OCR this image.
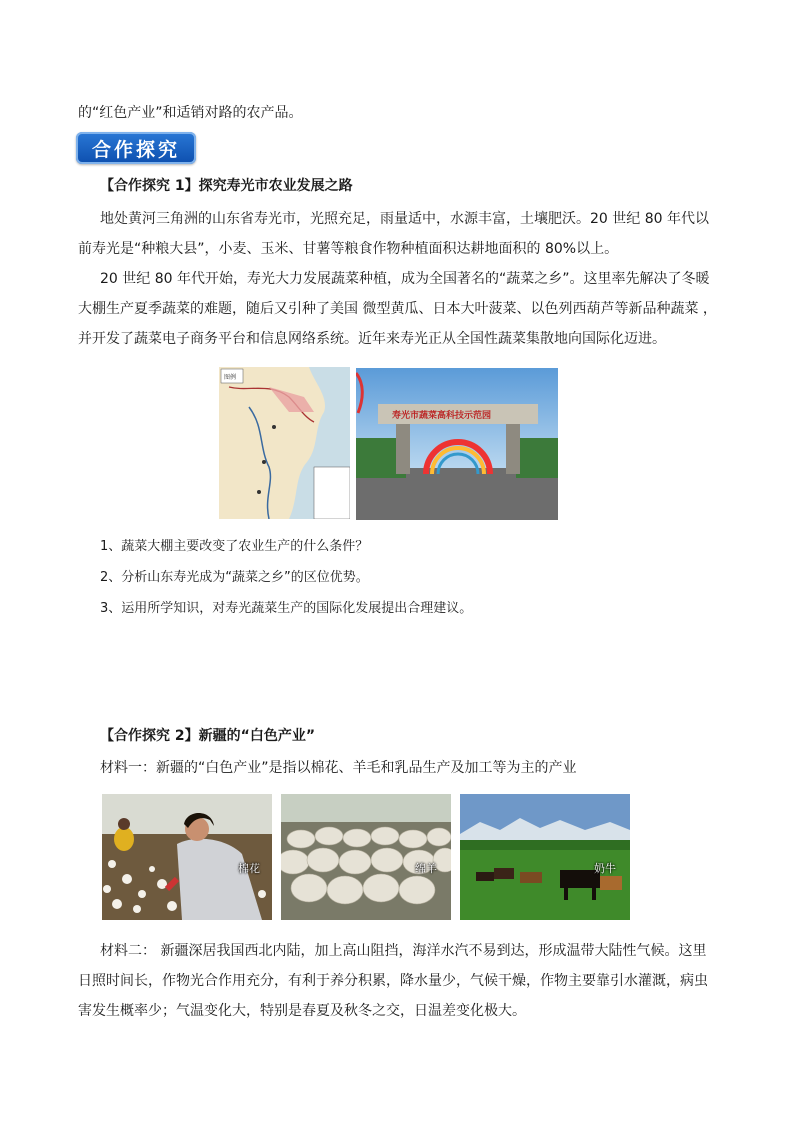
的“红色产业”和适销对路的农产品。

合作探究

【合作探究 1】探究寿光市农业发展之路

地处黄河三角洲的山东省寿光市，光照充足，雨量适中，水源丰富，土壤肥沃。20 世纪 80 年代以前寿光是“种粮大县”，小麦、玉米、甘薯等粮食作物种植面积达耕地面积的 80%以上。

20 世纪 80 年代开始，寿光大力发展蔬菜种植，成为全国著名的“蔬菜之乡”。这里率先解决了冬暖大棚生产夏季蔬菜的难题，随后又引种了美国 微型黄瓜、日本大叶菠菜、以色列西葫芦等新品种蔬菜 ，并开发了蔬菜电子商务平台和信息网络系统。近年来寿光正从全国性蔬菜集散地向国际化迈进。

图例
寿光市蔬菜高科技示范园

1、蔬菜大棚主要改变了农业生产的什么条件？

2、分析山东寿光成为“蔬菜之乡”的区位优势。

3、运用所学知识，对寿光蔬菜生产的国际化发展提出合理建议。

【合作探究 2】新疆的“白色产业”

材料一：新疆的“白色产业”是指以棉花、羊毛和乳品生产及加工等为主的产业

棉花	绵羊	奶牛

材料二： 新疆深居我国西北内陆，加上高山阻挡，海洋水汽不易到达，形成温带大陆性气候。这里日照时间长，作物光合作用充分，有利于养分积累，降水量少，气候干燥，作物主要靠引水灌溉，病虫害发生概率少；气温变化大，特别是春夏及秋冬之交，日温差变化极大。
